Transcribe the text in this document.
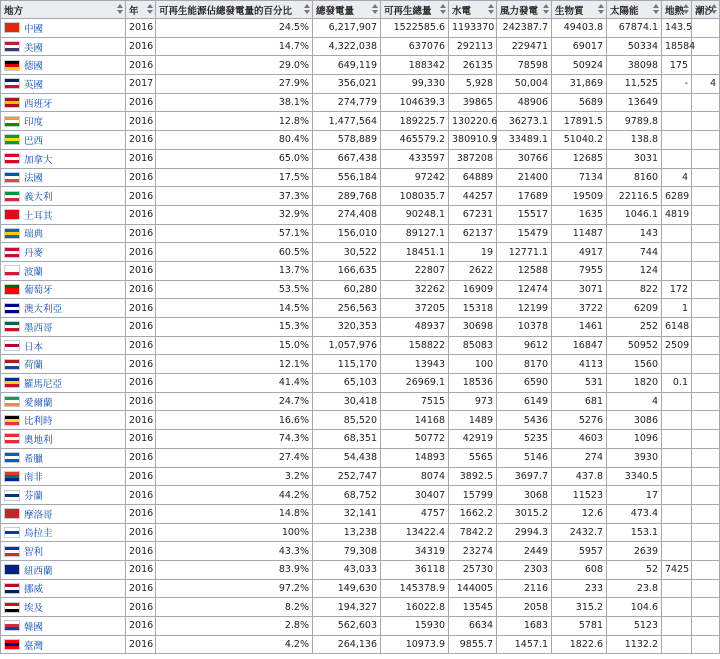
地方	年	可再生能源佔總發電量的百分比	總發電量	可再生總量	水電	風力發電	生物質	太陽能	地熱	潮汐

中國	2016	24.5%	6,217,907	1522585.6	1193370	242387.7	49403.8	67874.1	143.5	
美國	2016	14.7%	4,322,038	637076	292113	229471	69017	50334	18584	
德國	2016	29.0%	649,119	188342	26135	78598	50924	38098	175	
英國	2017	27.9%	356,021	99,330	5,928	50,004	31,869	11,525	-	4
西班牙	2016	38.1%	274,779	104639.3	39865	48906	5689	13649		
印度	2016	12.8%	1,477,564	189225.7	130220.6	36273.1	17891.5	9789.8		
巴西	2016	80.4%	578,889	465579.2	380910.9	33489.1	51040.2	138.8		
加拿大	2016	65.0%	667,438	433597	387208	30766	12685	3031		
法國	2016	17.5%	556,184	97242	64889	21400	7134	8160	4	
義大利	2016	37.3%	289,768	108035.7	44257	17689	19509	22116.5	6289	
土耳其	2016	32.9%	274,408	90248.1	67231	15517	1635	1046.1	4819	
瑞典	2016	57.1%	156,010	89127.1	62137	15479	11487	143		
丹麥	2016	60.5%	30,522	18451.1	19	12771.1	4917	744		
波蘭	2016	13.7%	166,635	22807	2622	12588	7955	124		
葡萄牙	2016	53.5%	60,280	32262	16909	12474	3071	822	172	
澳大利亞	2016	14.5%	256,563	37205	15318	12199	3722	6209	1	
墨西哥	2016	15.3%	320,353	48937	30698	10378	1461	252	6148	
日本	2016	15.0%	1,057,976	158822	85083	9612	16847	50952	2509	
荷蘭	2016	12.1%	115,170	13943	100	8170	4113	1560		
羅馬尼亞	2016	41.4%	65,103	26969.1	18536	6590	531	1820	0.1	
愛爾蘭	2016	24.7%	30,418	7515	973	6149	681	4		
比利時	2016	16.6%	85,520	14168	1489	5436	5276	3086		
奧地利	2016	74.3%	68,351	50772	42919	5235	4603	1096		
希臘	2016	27.4%	54,438	14893	5565	5146	274	3930		
南非	2016	3.2%	252,747	8074	3892.5	3697.7	437.8	3340.5		
芬蘭	2016	44.2%	68,752	30407	15799	3068	11523	17		
摩洛哥	2016	14.8%	32,141	4757	1662.2	3015.2	12.6	473.4		
烏拉圭	2016	100%	13,238	13422.4	7842.2	2994.3	2432.7	153.1		
智利	2016	43.3%	79,308	34319	23274	2449	5957	2639		
紐西蘭	2016	83.9%	43,033	36118	25730	2303	608	52	7425	
挪威	2016	97.2%	149,630	145378.9	144005	2116	233	23.8		
埃及	2016	8.2%	194,327	16022.8	13545	2058	315.2	104.6		
韓國	2016	2.8%	562,603	15930	6634	1683	5781	5123		
臺灣	2016	4.2%	264,136	10973.9	9855.7	1457.1	1822.6	1132.2		
